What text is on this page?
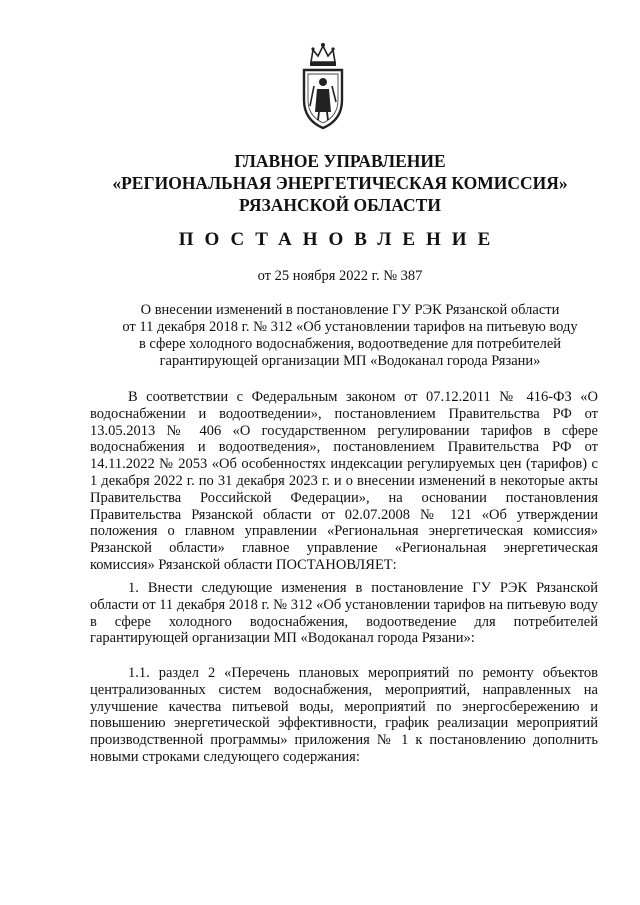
ГЛАВНОЕ УПРАВЛЕНИЕ
«РЕГИОНАЛЬНАЯ ЭНЕРГЕТИЧЕСКАЯ КОМИССИЯ»
РЯЗАНСКОЙ ОБЛАСТИ
ПОСТАНОВЛЕНИЕ
от 25 ноября 2022 г. № 387
О внесении изменений в постановление ГУ РЭК Рязанской области
от 11 декабря 2018 г. № 312 «Об установлении тарифов на питьевую воду
в сфере холодного водоснабжения, водоотведение для потребителей
гарантирующей организации МП «Водоканал города Рязани»

В соответствии с Федеральным законом от 07.12.2011 № 416-ФЗ «О водоснабжении и водоотведении», постановлением Правительства РФ от 13.05.2013 № 406 «О государственном регулировании тарифов в сфере водоснабжения и водоотведения», постановлением Правительства РФ от 14.11.2022 № 2053 «Об особенностях индексации регулируемых цен (тарифов) с 1 декабря 2022 г. по 31 декабря 2023 г. и о внесении изменений в некоторые акты Правительства Российской Федерации», на основании постановления Правительства Рязанской области от 02.07.2008 № 121 «Об утверждении положения о главном управлении «Региональная энергетическая комиссия» Рязанской области» главное управление «Региональная энергетическая комиссия» Рязанской области ПОСТАНОВЛЯЕТ:

1. Внести следующие изменения в постановление ГУ РЭК Рязанской области от 11 декабря 2018 г. № 312 «Об установлении тарифов на питьевую воду в сфере холодного водоснабжения, водоотведение для потребителей гарантирующей организации МП «Водоканал города Рязани»:

1.1. раздел 2 «Перечень плановых мероприятий по ремонту объектов централизованных систем водоснабжения, мероприятий, направленных на улучшение качества питьевой воды, мероприятий по энергосбережению и повышению энергетической эффективности, график реализации мероприятий производственной программы» приложения № 1 к постановлению дополнить новыми строками следующего содержания:
